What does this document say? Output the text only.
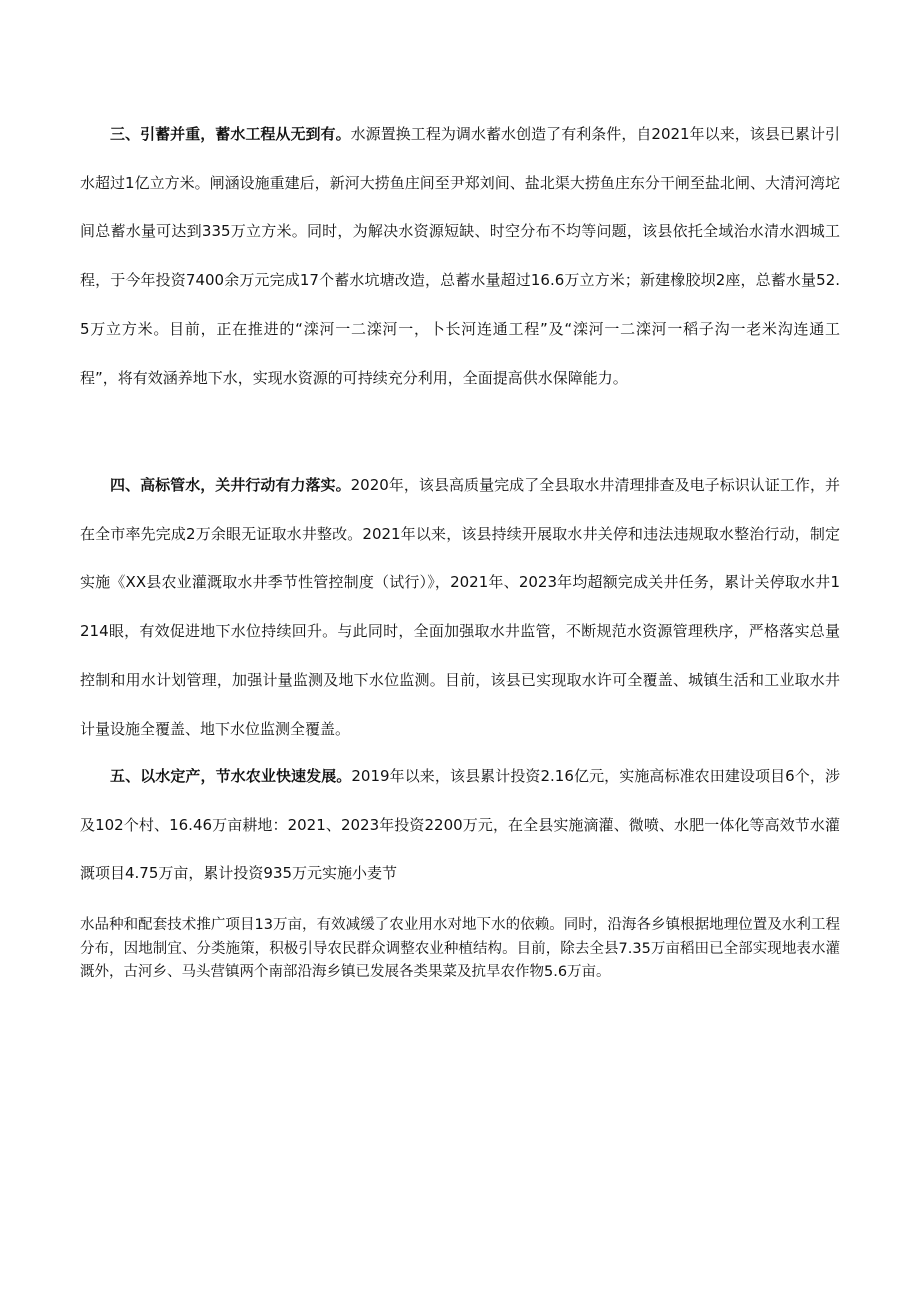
三、引蓄并重，蓄水工程从无到有。水源置换工程为调水蓄水创造了有利条件，自2021年以来，该县已累计引水超过1亿立方米。闸涵设施重建后，新河大捞鱼庄间至尹郑刘间、盐北渠大捞鱼庄东分干闸至盐北闸、大清河湾坨间总蓄水量可达到335万立方米。同时，为解决水资源短缺、时空分布不均等问题，该县依托全域治水清水泗城工程，于今年投资7400余万元完成17个蓄水坑塘改造，总蓄水量超过16.6万立方米；新建橡胶坝2座，总蓄水量52.5万立方米。目前，正在推进的“滦河一二滦河一，卜长河连通工程”及“滦河一二滦河一稻子沟一老米沟连通工程”，将有效涵养地下水，实现水资源的可持续充分利用，全面提高供水保障能力。

四、高标管水，关井行动有力落实。2020年，该县高质量完成了全县取水井清理排查及电子标识认证工作，并在全市率先完成2万余眼无证取水井整改。2021年以来，该县持续开展取水井关停和违法违规取水整治行动，制定实施《XX县农业灌溉取水井季节性管控制度（试行）》，2021年、2023年均超额完成关井任务，累计关停取水井1214眼，有效促进地下水位持续回升。与此同时，全面加强取水井监管，不断规范水资源管理秩序，严格落实总量控制和用水计划管理，加强计量监测及地下水位监测。目前，该县已实现取水许可全覆盖、城镇生活和工业取水井计量设施全覆盖、地下水位监测全覆盖。

五、以水定产，节水农业快速发展。2019年以来，该县累计投资2.16亿元，实施高标准农田建设项目6个，涉及102个村、16.46万亩耕地：2021、2023年投资2200万元，在全县实施滴灌、微喷、水肥一体化等高效节水灌溉项目4.75万亩，累计投资935万元实施小麦节

水品种和配套技术推广项目13万亩，有效减缓了农业用水对地下水的依赖。同时，沿海各乡镇根据地理位置及水利工程分布，因地制宜、分类施策，积极引导农民群众调整农业种植结构。目前，除去全县7.35万亩稻田已全部实现地表水灌溉外，古河乡、马头营镇两个南部沿海乡镇已发展各类果菜及抗旱农作物5.6万亩。
